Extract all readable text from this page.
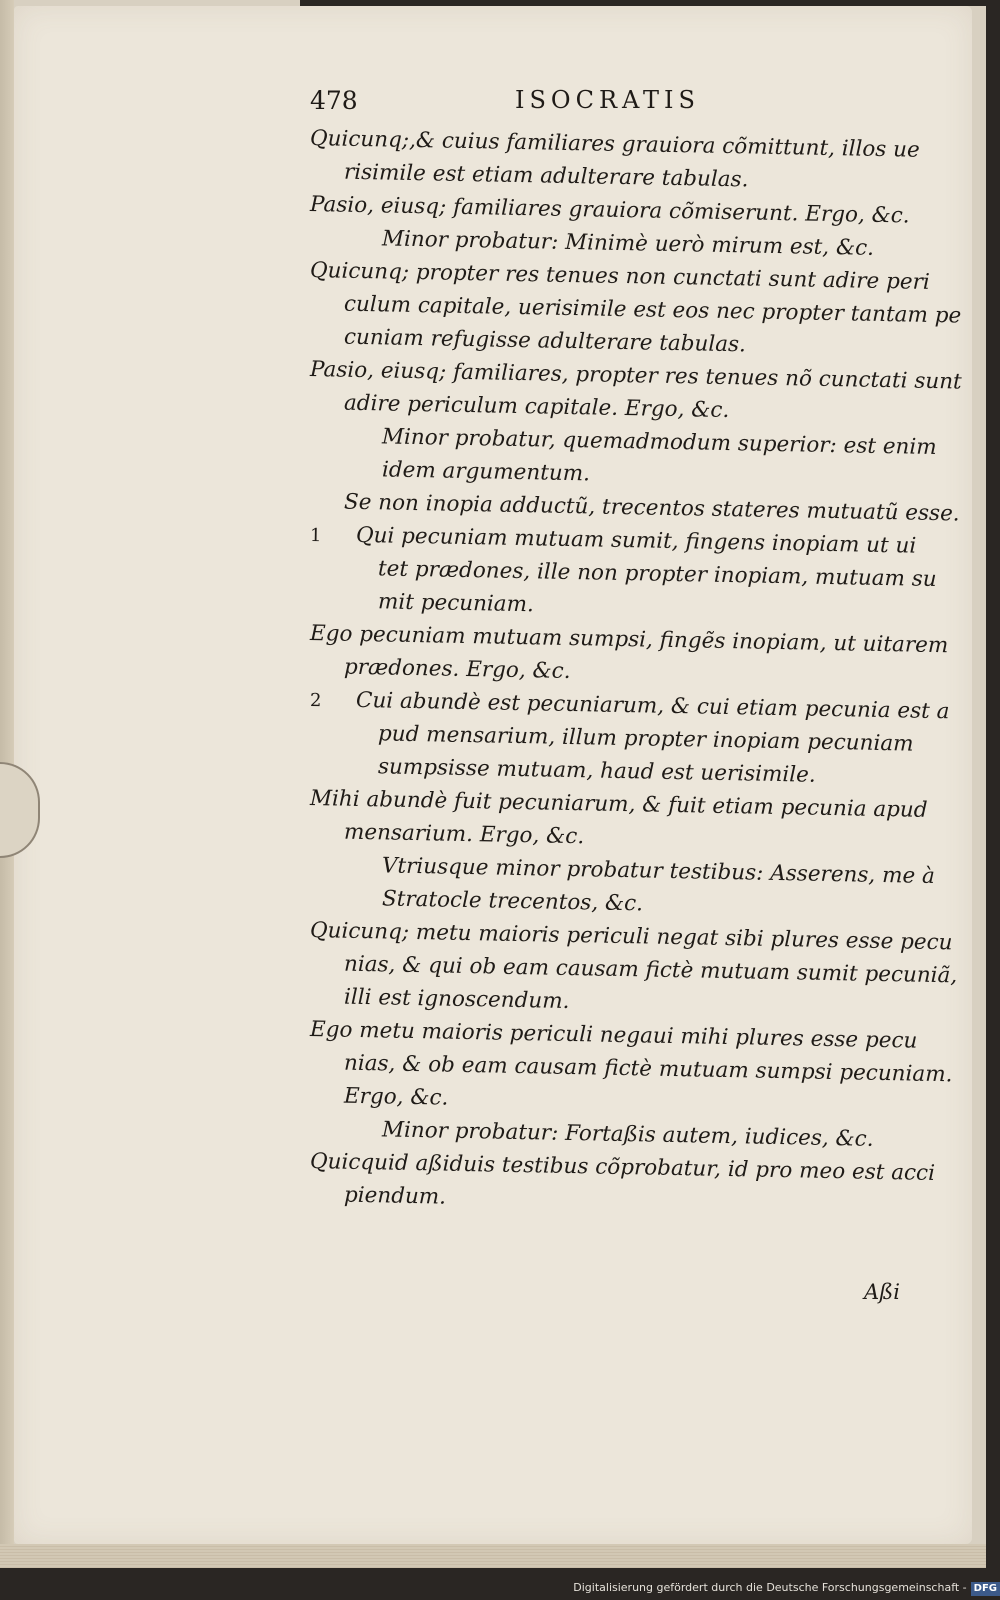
478	ISOCRATIS
Quicunq;,& cuius familiares grauiora cõmittunt, illos ue
risimile est etiam adulterare tabulas.
Pasio, eiusq; familiares grauiora cõmiserunt. Ergo, &c.
Minor probatur: Minimè uerò mirum est, &c.
Quicunq; propter res tenues non cunctati sunt adire peri
culum capitale, uerisimile est eos nec propter tantam pe
cuniam refugisse adulterare tabulas.
Pasio, eiusq; familiares, propter res tenues nõ cunctati sunt
adire periculum capitale. Ergo, &c.
Minor probatur, quemadmodum superior: est enim
idem argumentum.
Se non inopia adductũ, trecentos stateres mutuatũ esse.
1 Qui pecuniam mutuam sumit, fingens inopiam ut ui
tet prædones, ille non propter inopiam, mutuam su
mit pecuniam.
Ego pecuniam mutuam sumpsi, fingẽs inopiam, ut uitarem
prædones. Ergo, &c.
2 Cui abundè est pecuniarum, & cui etiam pecunia est a
pud mensarium, illum propter inopiam pecuniam
sumpsisse mutuam, haud est uerisimile.
Mihi abundè fuit pecuniarum, & fuit etiam pecunia apud
mensarium. Ergo, &c.
Vtriusque minor probatur testibus: Asserens, me à
Stratocle trecentos, &c.
Quicunq; metu maioris periculi negat sibi plures esse pecu
nias, & qui ob eam causam fictè mutuam sumit pecuniã,
illi est ignoscendum.
Ego metu maioris periculi negaui mihi plures esse pecu
nias, & ob eam causam fictè mutuam sumpsi pecuniam.
Ergo, &c.
Minor probatur: Fortaßis autem, iudices, &c.
Quicquid aßiduis testibus cõprobatur, id pro meo est acci
piendum.
Aßi
Digitalisierung gefördert durch die Deutsche Forschungsgemeinschaft - DFG
